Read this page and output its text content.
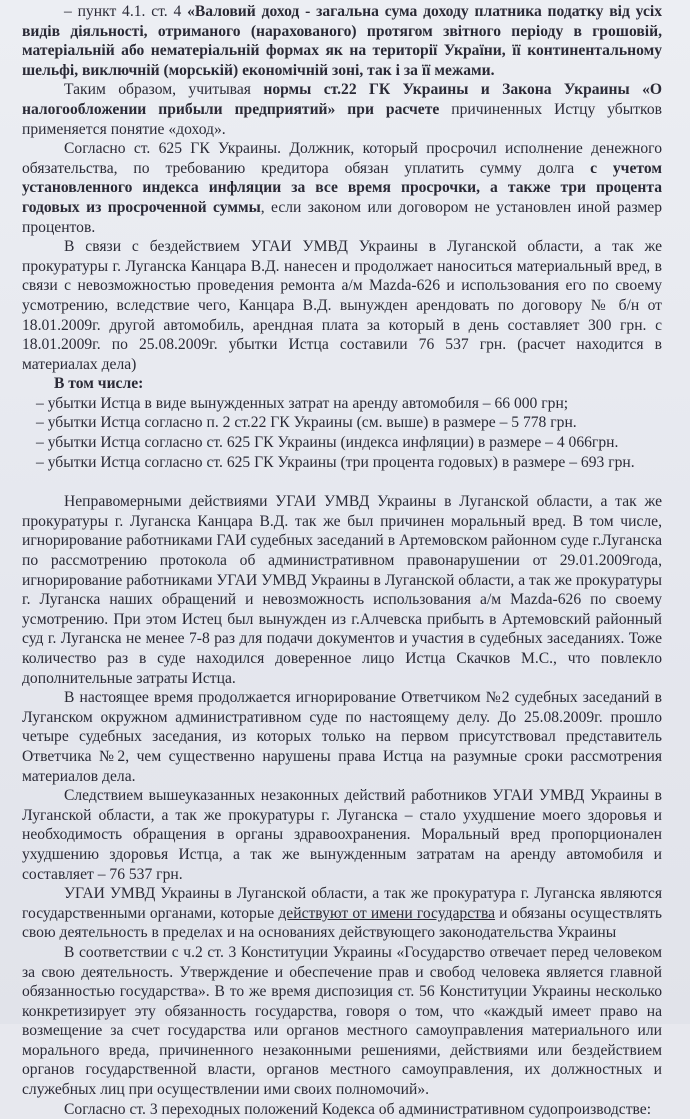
– пункт 4.1. ст. 4 «Валовий доход - загальна сума доходу платника податку від усіх видів діяльності, отриманого (нарахованого) протягом звітного періоду в грошовій, матеріальній або нематеріальній формах як на території України, її континентальному шельфі, виключній (морській) економічній зоні, так і за її межами.

Таким образом, учитывая нормы ст.22 ГК Украины и Закона Украины «О налогообложении прибыли предприятий» при расчете причиненных Истцу убытков применяется понятие «доход».

Согласно ст. 625 ГК Украины. Должник, который просрочил исполнение денежного обязательства, по требованию кредитора обязан уплатить сумму долга с учетом установленного индекса инфляции за все время просрочки, а также три процента годовых из просроченной суммы, если законом или договором не установлен иной размер процентов.

В связи с бездействием УГАИ УМВД Украины в Луганской области, а так же прокуратуры г. Луганска Канцара В.Д. нанесен и продолжает наноситься материальный вред, в связи с невозможностью проведения ремонта а/м Mazda-626 и использования его по своему усмотрению, вследствие чего, Канцара В.Д. вынужден арендовать по договору № б/н от 18.01.2009г. другой автомобиль, арендная плата за который в день составляет 300 грн. с 18.01.2009г. по 25.08.2009г. убытки Истца составили 76 537 грн. (расчет находится в материалах дела)

В том числе:

– убытки Истца в виде вынужденных затрат на аренду автомобиля – 66 000 грн;

– убытки Истца согласно п. 2 ст.22 ГК Украины (см. выше) в размере – 5 778 грн.

– убытки Истца согласно ст. 625 ГК Украины (индекса инфляции) в размере – 4 066грн.

– убытки Истца согласно ст. 625 ГК Украины (три процента годовых) в размере – 693 грн.

Неправомерными действиями УГАИ УМВД Украины в Луганской области, а так же прокуратуры г. Луганска Канцара В.Д. так же был причинен моральный вред. В том числе, игнорирование работниками ГАИ судебных заседаний в Артемовском районном суде г.Луганска по рассмотрению протокола об административном правонарушении от 29.01.2009года, игнорирование работниками УГАИ УМВД Украины в Луганской области, а так же прокуратуры г. Луганска наших обращений и невозможность использования а/м Mazda-626 по своему усмотрению. При этом Истец был вынужден из г.Алчевска прибыть в Артемовский районный суд г. Луганска не менее 7-8 раз для подачи документов и участия в судебных заседаниях. Тоже количество раз в суде находился доверенное лицо Истца Скачков М.С., что повлекло дополнительные затраты Истца.

В настоящее время продолжается игнорирование Ответчиком №2 судебных заседаний в Луганском окружном административном суде по настоящему делу. До 25.08.2009г. прошло четыре судебных заседания, из которых только на первом присутствовал представитель Ответчика №2, чем существенно нарушены права Истца на разумные сроки рассмотрения материалов дела.

Следствием вышеуказанных незаконных действий работников УГАИ УМВД Украины в Луганской области, а так же прокуратуры г. Луганска – стало ухудшение моего здоровья и необходимость обращения в органы здравоохранения. Моральный вред пропорционален ухудшению здоровья Истца, а так же вынужденным затратам на аренду автомобиля и составляет – 76 537 грн.

УГАИ УМВД Украины в Луганской области, а так же прокуратура г. Луганска являются государственными органами, которые действуют от имени государства и обязаны осуществлять свою деятельность в пределах и на основаниях действующего законодательства Украины

В соответствии с ч.2 ст. 3 Конституции Украины «Государство отвечает перед человеком за свою деятельность. Утверждение и обеспечение прав и свобод человека является главной обязанностью государства». В то же время диспозиция ст. 56 Конституции Украины несколько конкретизирует эту обязанность государства, говоря о том, что «каждый имеет право на возмещение за счет государства или органов местного самоуправления материального или морального вреда, причиненного незаконными решениями, действиями или бездействием органов государственной власти, органов местного самоуправления, их должностных и служебных лиц при осуществлении ими своих полномочий».

Согласно ст. 3 переходных положений Кодекса об административном судопроизводстве:
